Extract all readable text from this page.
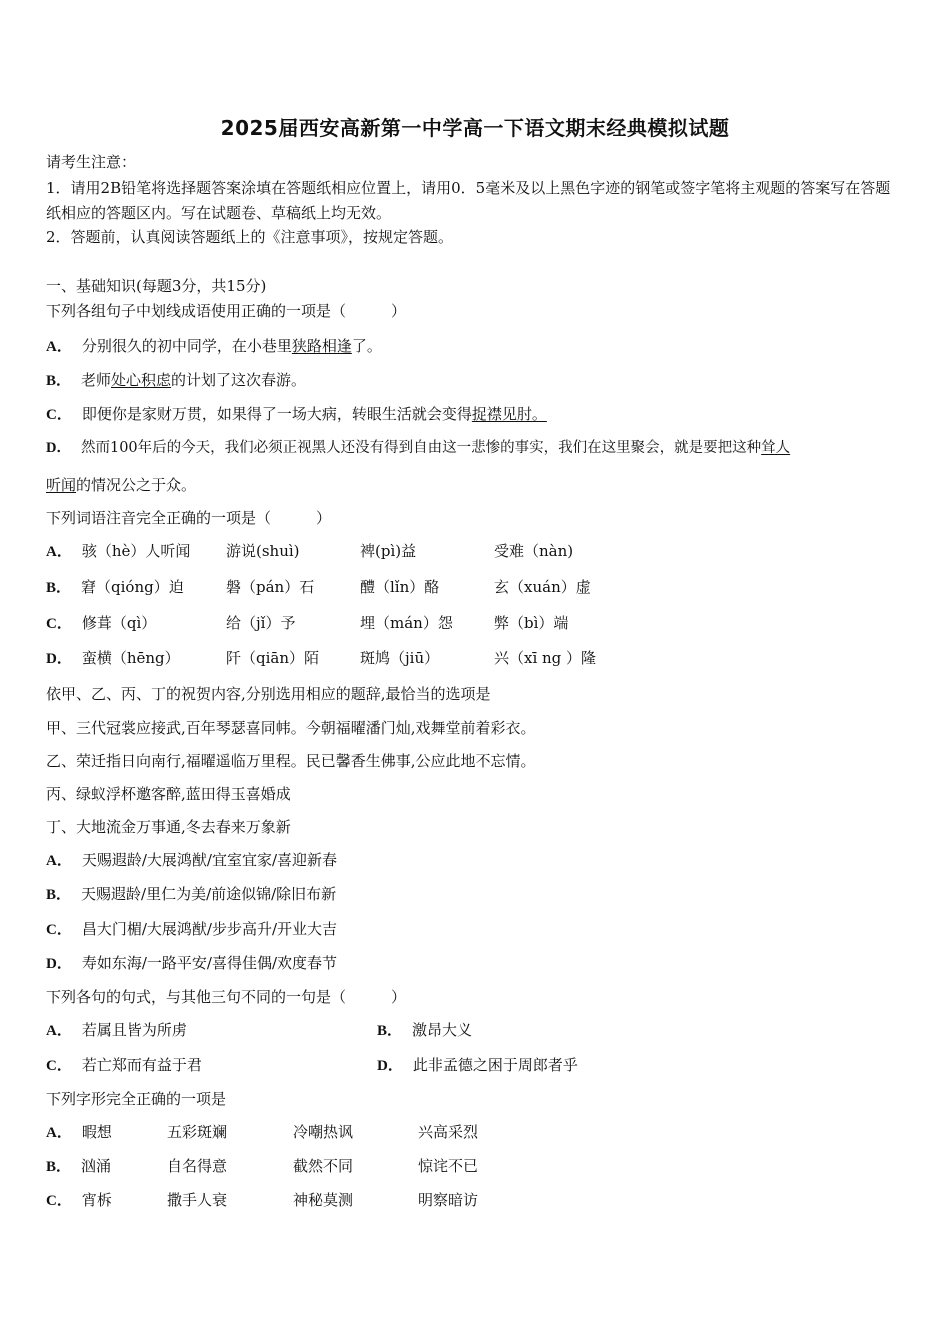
2025届西安高新第一中学高一下语文期末经典模拟试题
请考生注意：
1．请用2B铅笔将选择题答案涂填在答题纸相应位置上，请用0．5毫米及以上黑色字迹的钢笔或签字笔将主观题的答案写在答题纸相应的答题区内。写在试题卷、草稿纸上均无效。
2．答题前，认真阅读答题纸上的《注意事项》，按规定答题。
一、基础知识(每题3分，共15分)
下列各组句子中划线成语使用正确的一项是（　　　）
A． 分别很久的初中同学，在小巷里狭路相逢了。
B． 老师处心积虑的计划了这次春游。
C． 即便你是家财万贯，如果得了一场大病，转眼生活就会变得捉襟见肘。
D． 然而100年后的今天，我们必须正视黑人还没有得到自由这一悲惨的事实，我们在这里聚会，就是要把这种耸人
听闻的情况公之于众。
下列词语注音完全正确的一项是（　　　）
A． 骇（hè）人听闻 游说(shuì)	裨(pì)益	受难（nàn)
B． 窘（qióng）迫	磐（pán）石	醴（lǐn）酪	玄（xuán）虚
C． 修葺（qì）	给（jǐ）予	埋（mán）怨	弊（bì）端
D． 蛮横（hēng）	阡（qiān）陌	斑鸠（jiū）	兴（xī ng ）隆
依甲、乙、丙、丁的祝贺内容,分别选用相应的题辞,最恰当的选项是
甲、三代冠裳应接武,百年琴瑟喜同帏。今朝福曜潘门灿,戏舞堂前着彩衣。
乙、荣迁指日向南行,福曜遥临万里程。民已馨香生佛事,公应此地不忘情。
丙、绿蚁浮杯邀客醉,蓝田得玉喜婚成
丁、大地流金万事通,冬去春来万象新
A． 天赐遐龄/大展鸿猷/宜室宜家/喜迎新春
B． 天赐遐龄/里仁为美/前途似锦/除旧布新
C． 昌大门楣/大展鸿猷/步步高升/开业大吉
D． 寿如东海/一路平安/喜得佳偶/欢度春节
下列各句的句式，与其他三句不同的一句是（　　　）
A． 若属且皆为所虏	B． 激昂大义
C． 若亡郑而有益于君	D． 此非孟德之困于周郎者乎
下列字形完全正确的一项是
A． 暇想	五彩斑斓	冷嘲热讽	兴高采烈
B． 汹涌	自名得意	截然不同	惊诧不已
C． 宵柝	撒手人衰	神秘莫测	明察暗访
